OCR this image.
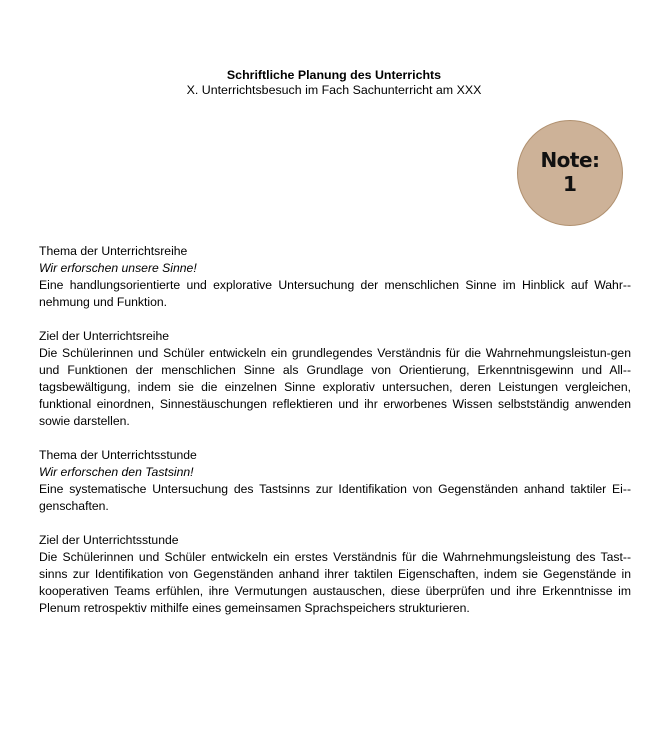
Schriftliche Planung des Unterrichts
X. Unterrichtsbesuch im Fach Sachunterricht am XXX
Note:
1

Thema der Unterrichtsreihe

Wir erforschen unsere Sinne!

Eine handlungsorientierte und explorative Untersuchung der menschlichen Sinne im Hinblick auf Wahr-nehmung und Funktion.

Ziel der Unterrichtsreihe

Die Schülerinnen und Schüler entwickeln ein grundlegendes Verständnis für die Wahrnehmungsleistun-gen und Funktionen der menschlichen Sinne als Grundlage von Orientierung, Erkenntnisgewinn und All-tagsbewältigung, indem sie die einzelnen Sinne explorativ untersuchen, deren Leistungen vergleichen, funktional einordnen, Sinnestäuschungen reflektieren und ihr erworbenes Wissen selbstständig anwenden sowie darstellen.

Thema der Unterrichtsstunde

Wir erforschen den Tastsinn!

Eine systematische Untersuchung des Tastsinns zur Identifikation von Gegenständen anhand taktiler Ei-genschaften.

Ziel der Unterrichtsstunde

Die Schülerinnen und Schüler entwickeln ein erstes Verständnis für die Wahrnehmungsleistung des Tast-sinns zur Identifikation von Gegenständen anhand ihrer taktilen Eigenschaften, indem sie Gegenstände in kooperativen Teams erfühlen, ihre Vermutungen austauschen, diese überprüfen und ihre Erkenntnisse im Plenum retrospektiv mithilfe eines gemeinsamen Sprachspeichers strukturieren.
